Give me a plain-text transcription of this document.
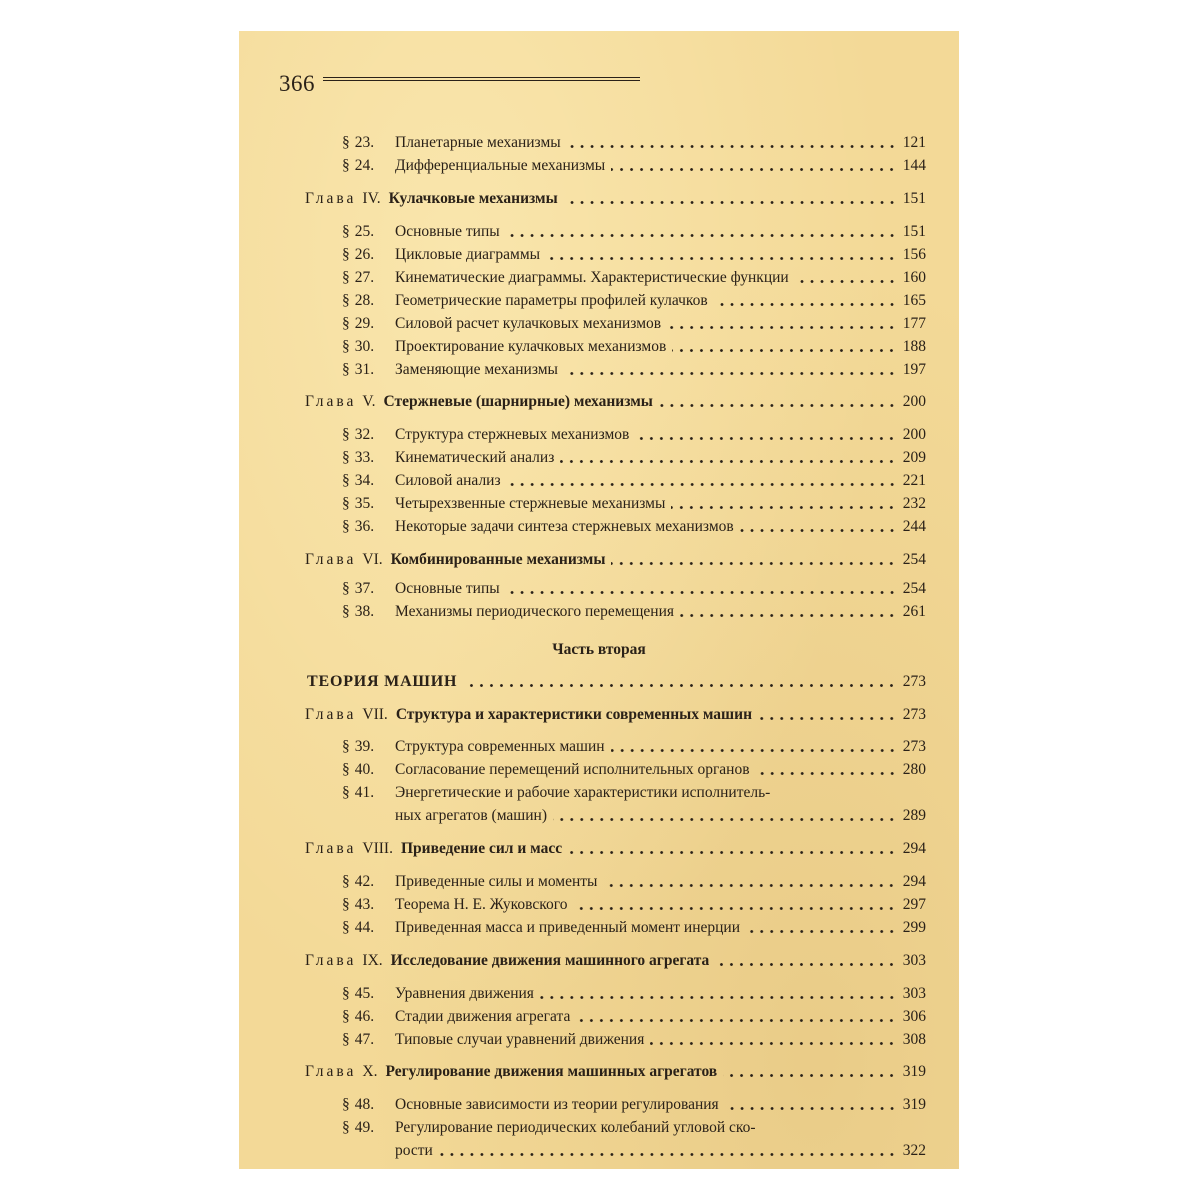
366
§ 23. Планетарные механизмы	121
§ 24. Дифференциальные механизмы	144
Глава IV. Кулачковые механизмы	151
§ 25. Основные типы	151
§ 26. Цикловые диаграммы	156
§ 27. Кинематические диаграммы. Характеристические функции	160
§ 28. Геометрические параметры профилей кулачков	165
§ 29. Силовой расчет кулачковых механизмов	177
§ 30. Проектирование кулачковых механизмов	188
§ 31. Заменяющие механизмы	197
Глава V. Стержневые (шарнирные) механизмы	200
§ 32. Структура стержневых механизмов	200
§ 33. Кинематический анализ	209
§ 34. Силовой анализ	221
§ 35. Четырехзвенные стержневые механизмы	232
§ 36. Некоторые задачи синтеза стержневых механизмов	244
Глава VI. Комбинированные механизмы	254
§ 37. Основные типы	254
§ 38. Механизмы периодического перемещения	261
Часть вторая
ТЕОРИЯ МАШИН	273
Глава VII. Структура и характеристики современных машин	273
§ 39. Структура современных машин	273
§ 40. Согласование перемещений исполнительных органов	280
§ 41. Энергетические и рабочие характеристики исполнитель-
ных агрегатов (машин)	289
Глава VIII. Приведение сил и масс	294
§ 42. Приведенные силы и моменты	294
§ 43. Теорема Н. Е. Жуковского	297
§ 44. Приведенная масса и приведенный момент инерции	299
Глава IX. Исследование движения машинного агрегата	303
§ 45. Уравнения движения	303
§ 46. Стадии движения агрегата	306
§ 47. Типовые случаи уравнений движения	308
Глава X. Регулирование движения машинных агрегатов	319
§ 48. Основные зависимости из теории регулирования	319
§ 49. Регулирование периодических колебаний угловой ско-
рости	322
